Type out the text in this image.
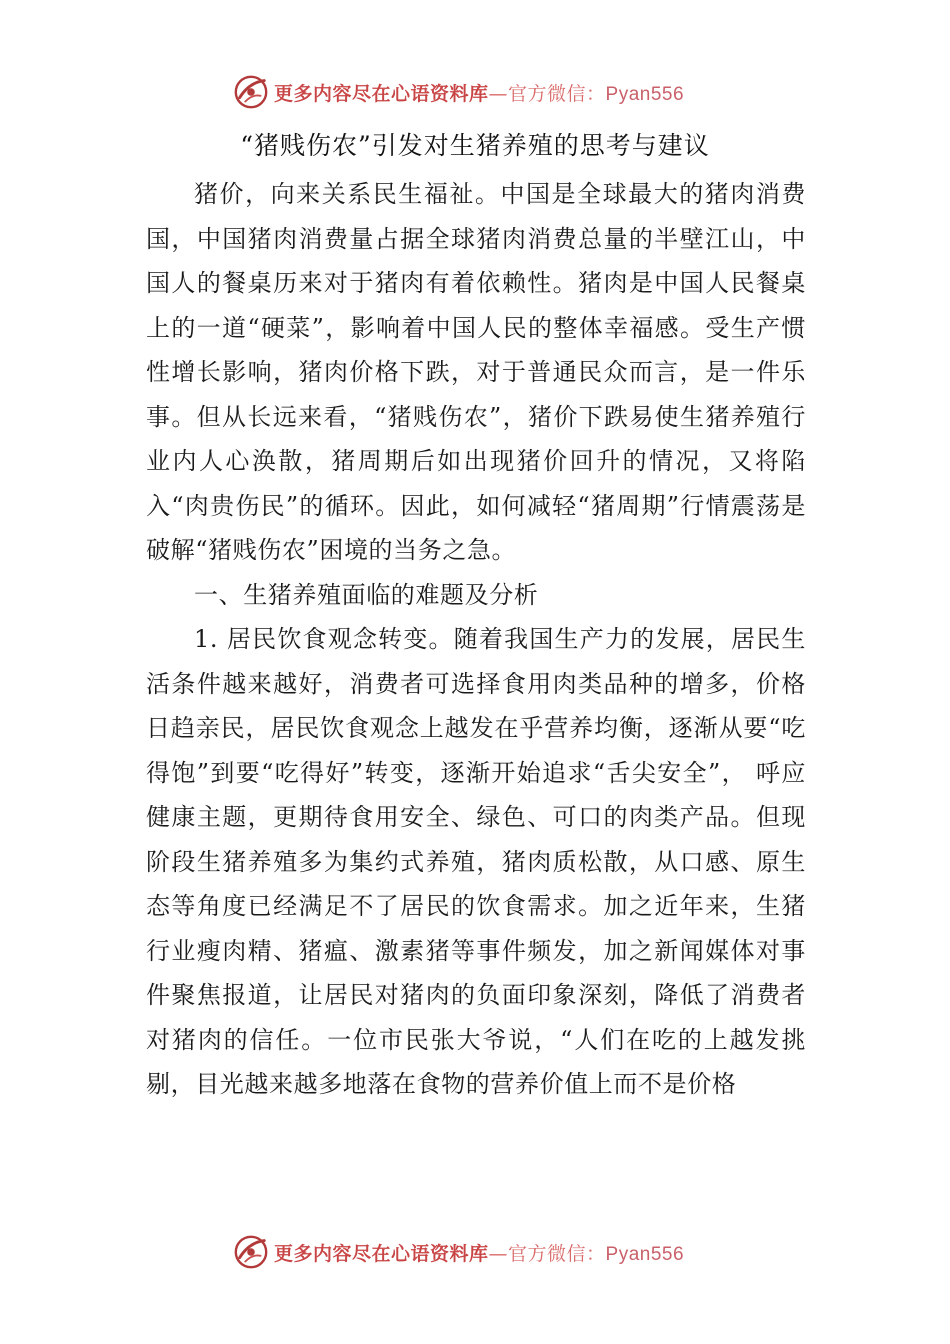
更多内容尽在心语资料库—官方微信：Pyan556
“猪贱伤农”引发对生猪养殖的思考与建议

猪价，向来关系民生福祉。中国是全球最大的猪肉消费国，中国猪肉消费量占据全球猪肉消费总量的半壁江山，中国人的餐桌历来对于猪肉有着依赖性。猪肉是中国人民餐桌上的一道“硬菜”，影响着中国人民的整体幸福感。受生产惯性增长影响，猪肉价格下跌，对于普通民众而言，是一件乐事。但从长远来看，“猪贱伤农”，猪价下跌易使生猪养殖行业内人心涣散，猪周期后如出现猪价回升的情况，又将陷入“肉贵伤民”的循环。因此，如何减轻“猪周期”行情震荡是破解“猪贱伤农”困境的当务之急。

一、生猪养殖面临的难题及分析

1. 居民饮食观念转变。随着我国生产力的发展，居民生活条件越来越好，消费者可选择食用肉类品种的增多，价格日趋亲民，居民饮食观念上越发在乎营养均衡，逐渐从要“吃得饱”到要“吃得好”转变，逐渐开始追求“舌尖安全”， 呼应健康主题，更期待食用安全、绿色、可口的肉类产品。但现阶段生猪养殖多为集约式养殖，猪肉质松散，从口感、原生态等角度已经满足不了居民的饮食需求。加之近年来，生猪行业瘦肉精、猪瘟、激素猪等事件频发，加之新闻媒体对事件聚焦报道，让居民对猪肉的负面印象深刻，降低了消费者对猪肉的信任。一位市民张大爷说，“人们在吃的上越发挑剔，目光越来越多地落在食物的营养价值上而不是价格

更多内容尽在心语资料库—官方微信：Pyan556
